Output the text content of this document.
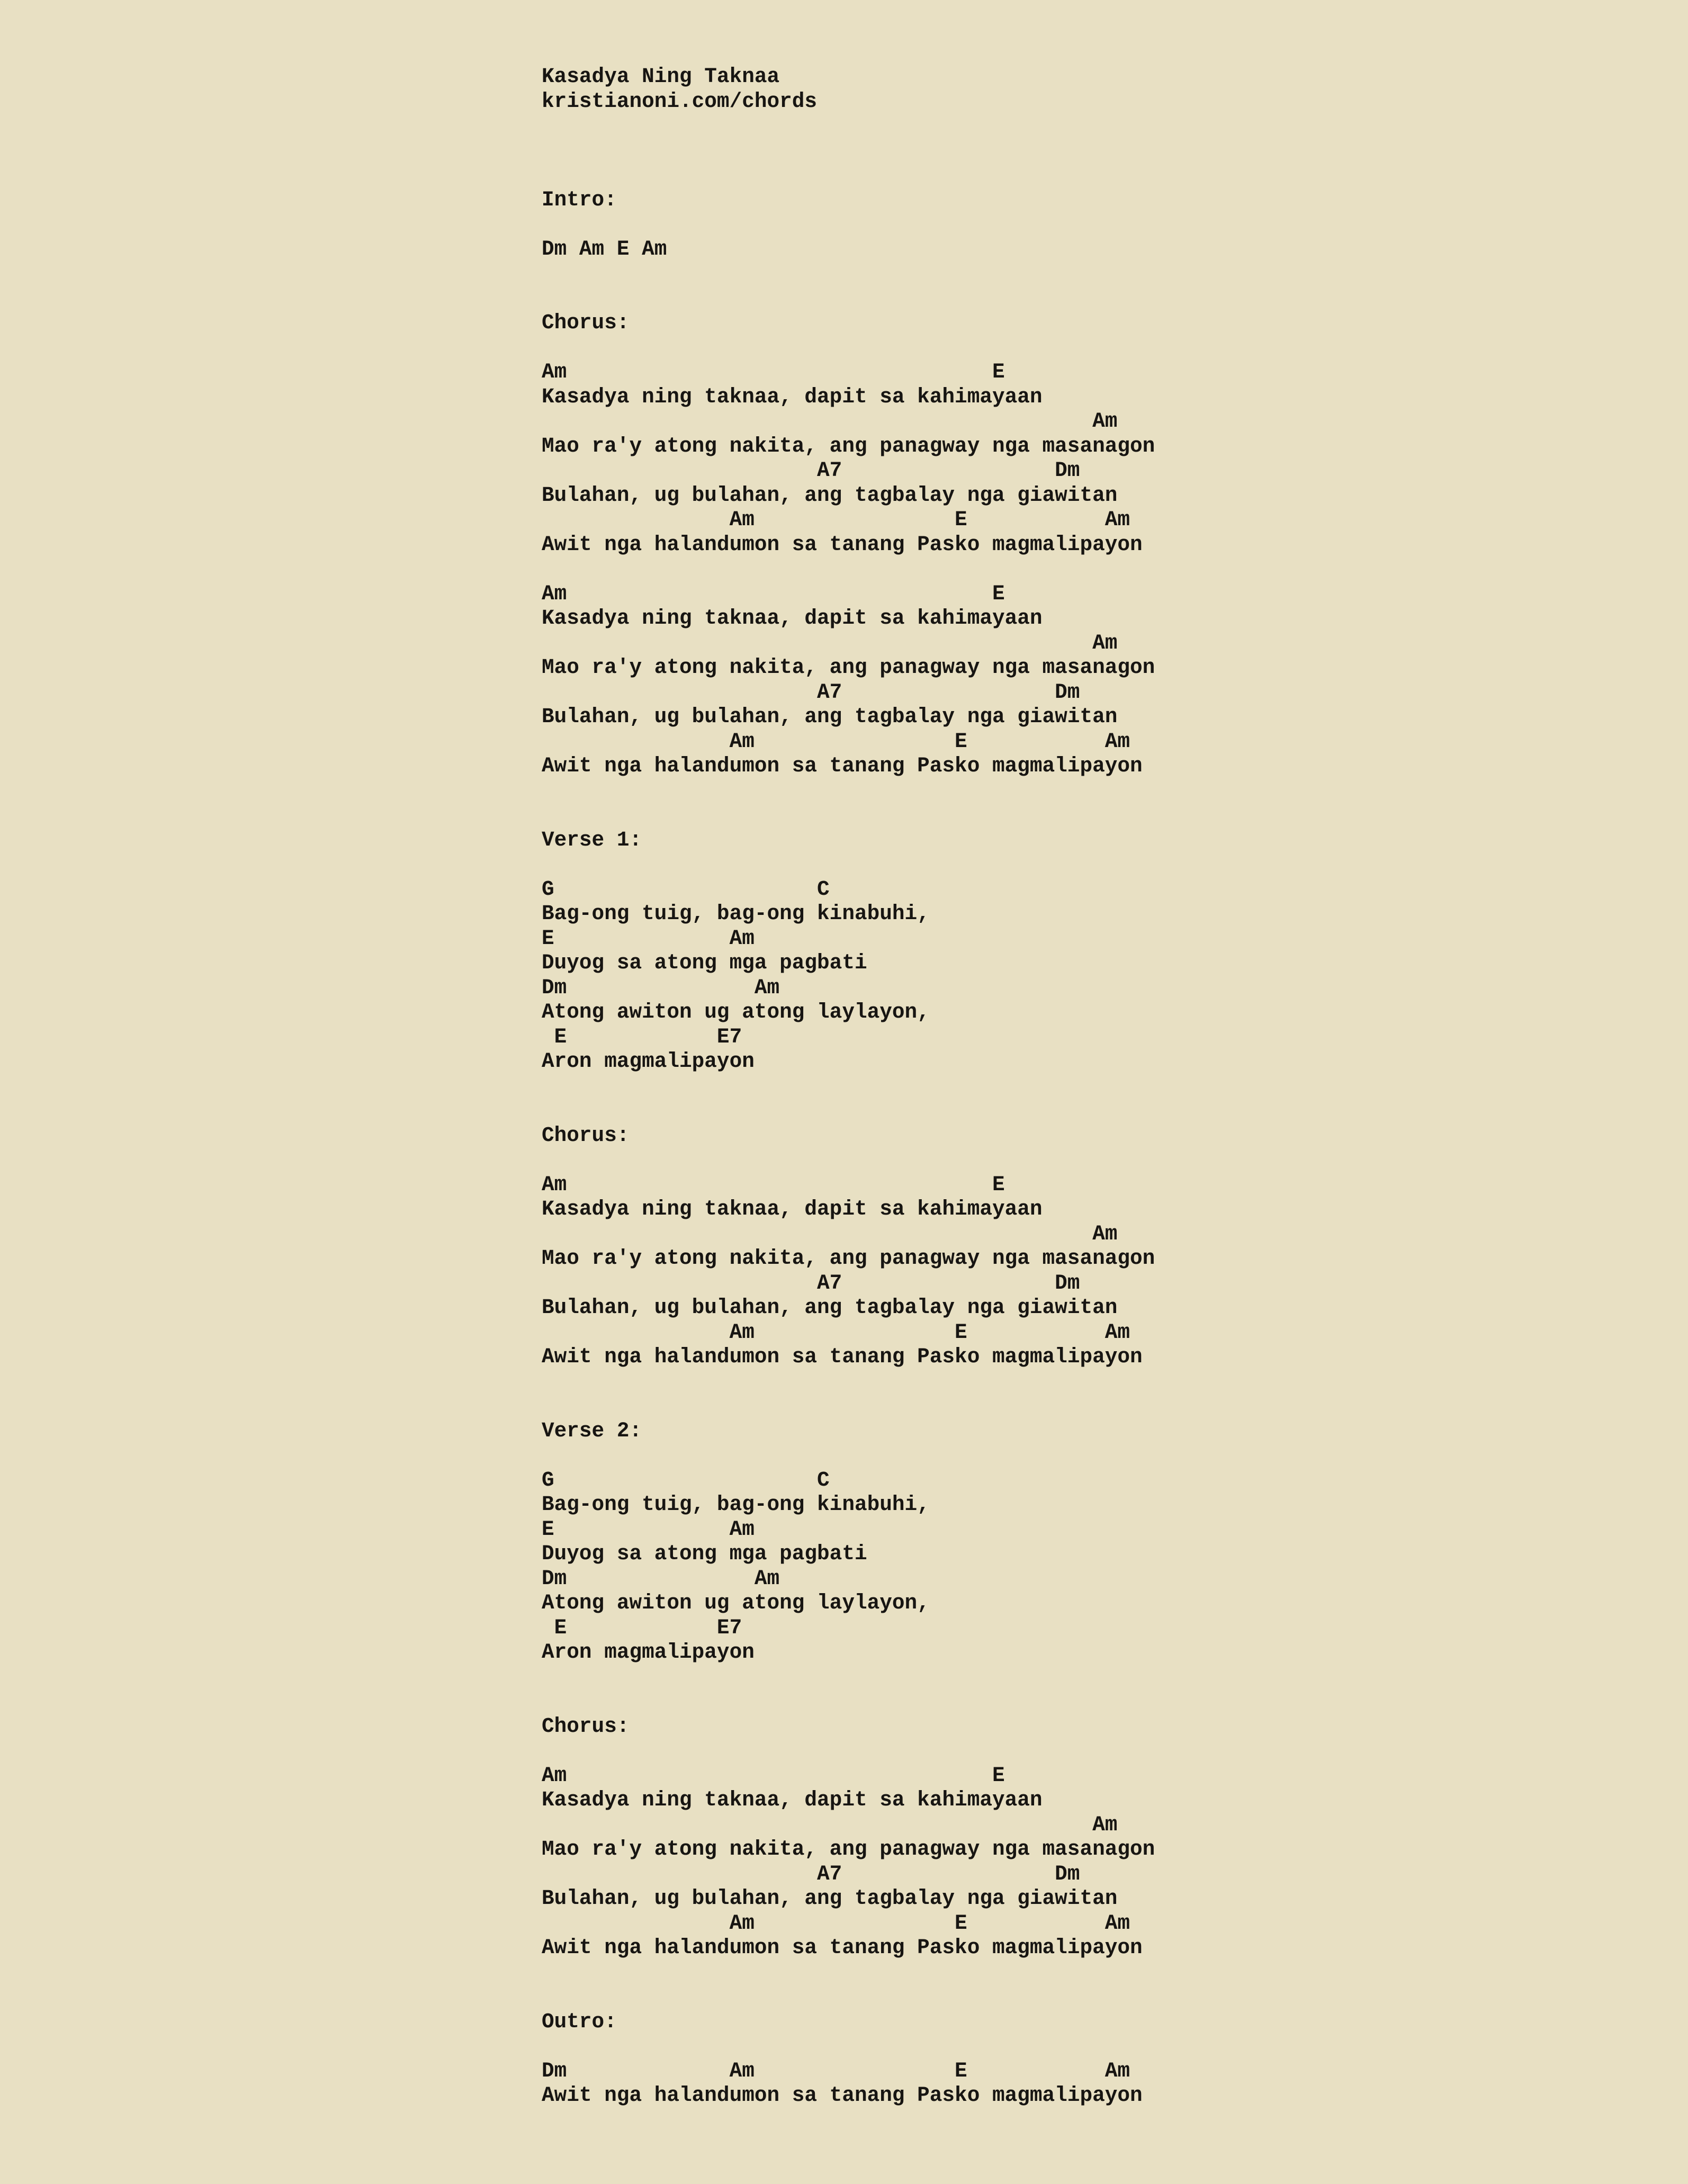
Kasadya Ning Taknaa
kristianoni.com/chords
Intro:
Dm Am E Am
Chorus:
Am                                  E
Kasadya ning taknaa, dapit sa kahimayaan
Am
Mao ra'y atong nakita, ang panagway nga masanagon
A7                 Dm
Bulahan, ug bulahan, ang tagbalay nga giawitan
Am                E           Am
Awit nga halandumon sa tanang Pasko magmalipayon
Am                                  E
Kasadya ning taknaa, dapit sa kahimayaan
Am
Mao ra'y atong nakita, ang panagway nga masanagon
A7                 Dm
Bulahan, ug bulahan, ang tagbalay nga giawitan
Am                E           Am
Awit nga halandumon sa tanang Pasko magmalipayon
Verse 1:
G                     C
Bag-ong tuig, bag-ong kinabuhi,
E              Am
Duyog sa atong mga pagbati
Dm               Am
Atong awiton ug atong laylayon,
E            E7
Aron magmalipayon
Chorus:
Am                                  E
Kasadya ning taknaa, dapit sa kahimayaan
Am
Mao ra'y atong nakita, ang panagway nga masanagon
A7                 Dm
Bulahan, ug bulahan, ang tagbalay nga giawitan
Am                E           Am
Awit nga halandumon sa tanang Pasko magmalipayon
Verse 2:
G                     C
Bag-ong tuig, bag-ong kinabuhi,
E              Am
Duyog sa atong mga pagbati
Dm               Am
Atong awiton ug atong laylayon,
E            E7
Aron magmalipayon
Chorus:
Am                                  E
Kasadya ning taknaa, dapit sa kahimayaan
Am
Mao ra'y atong nakita, ang panagway nga masanagon
A7                 Dm
Bulahan, ug bulahan, ang tagbalay nga giawitan
Am                E           Am
Awit nga halandumon sa tanang Pasko magmalipayon
Outro:
Dm             Am                E           Am
Awit nga halandumon sa tanang Pasko magmalipayon
